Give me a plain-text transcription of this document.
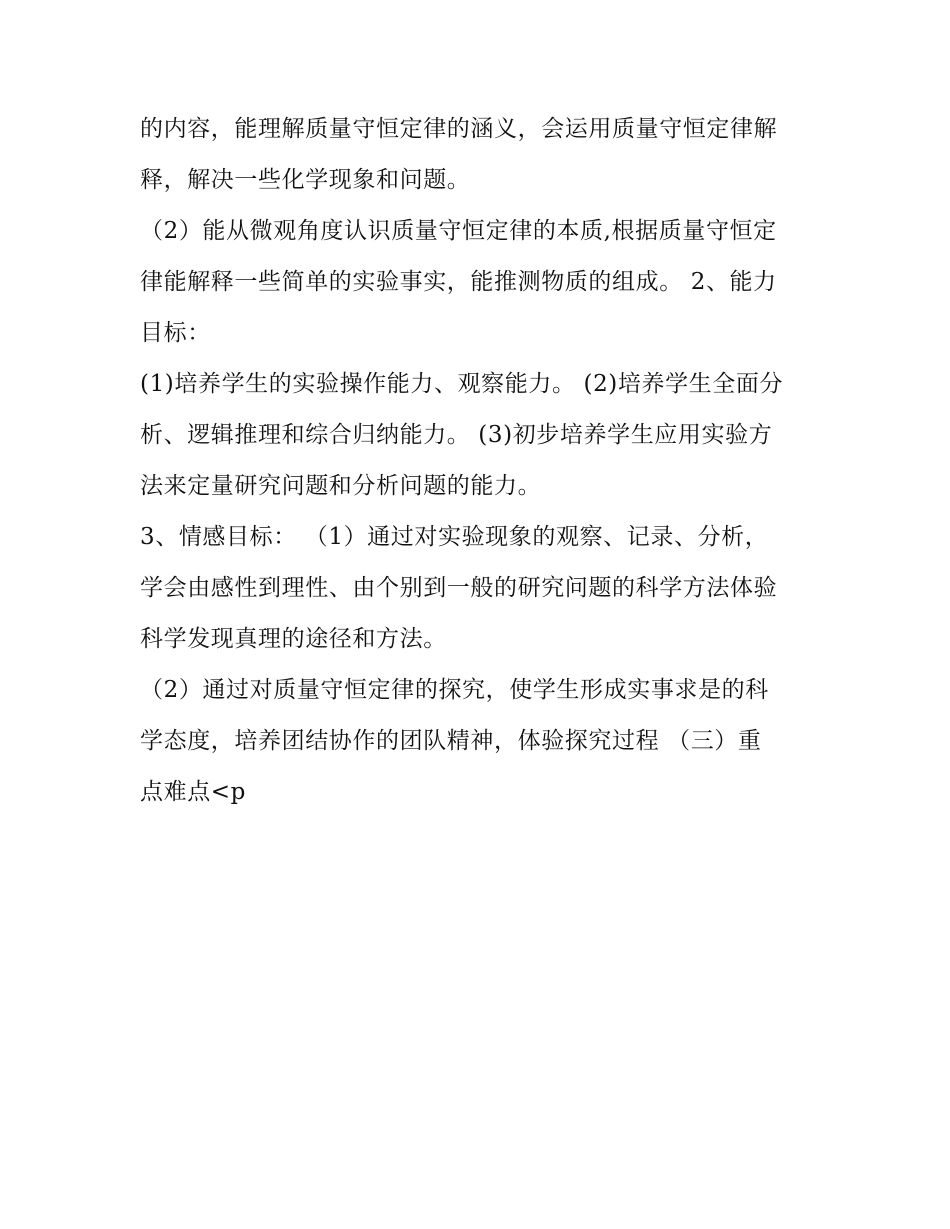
的内容，能理解质量守恒定律的涵义，会运用质量守恒定律解
释，解决一些化学现象和问题。
（2）能从微观角度认识质量守恒定律的本质,根据质量守恒定
律能解释一些简单的实验事实，能推测物质的组成。 2、能力
目标：
(1)培养学生的实验操作能力、观察能力。 (2)培养学生全面分
析、逻辑推理和综合归纳能力。 (3)初步培养学生应用实验方
法来定量研究问题和分析问题的能力。
3、情感目标： （1）通过对实验现象的观察、记录、分析，
学会由感性到理性、由个别到一般的研究问题的科学方法体验
科学发现真理的途径和方法。
（2）通过对质量守恒定律的探究，使学生形成实事求是的科
学态度，培养团结协作的团队精神，体验探究过程 （三）重
点难点<p
